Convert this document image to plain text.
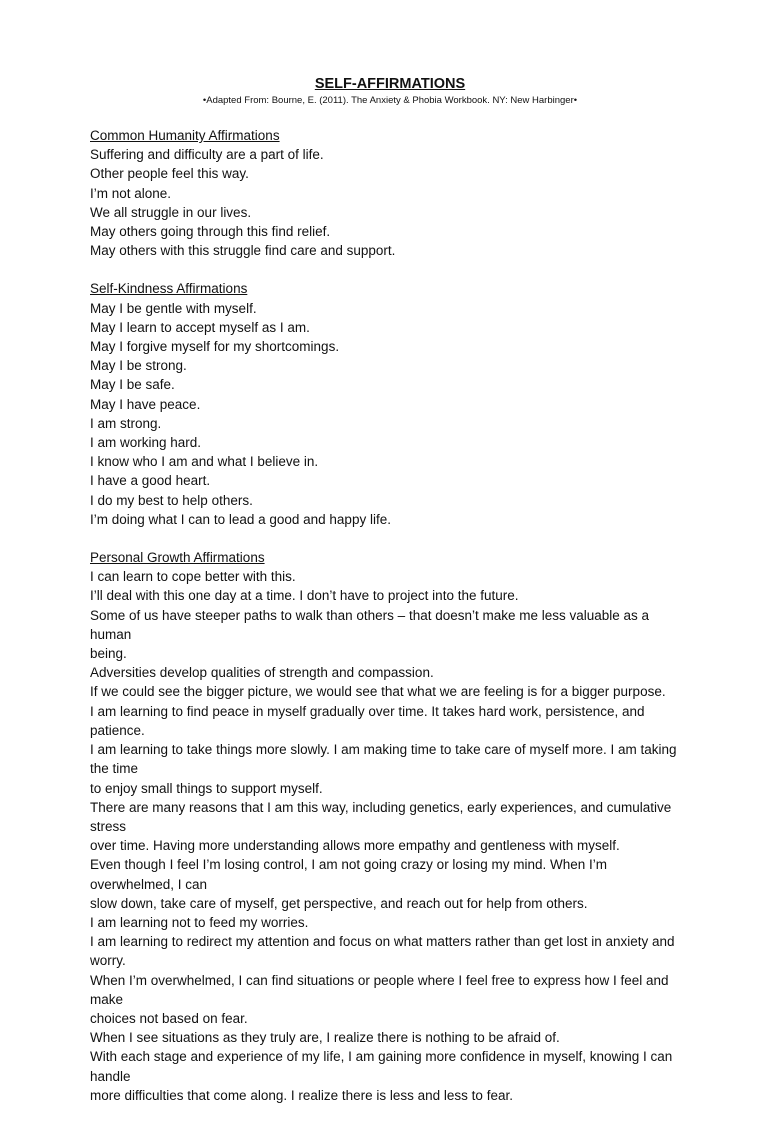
SELF-AFFIRMATIONS

•Adapted From: Bourne, E. (2011). The Anxiety & Phobia Workbook. NY: New Harbinger•

Common Humanity Affirmations

Suffering and difficulty are a part of life.

Other people feel this way.

I’m not alone.

We all struggle in our lives.

May others going through this find relief.

May others with this struggle find care and support.

Self-Kindness Affirmations

May I be gentle with myself.

May I learn to accept myself as I am.

May I forgive myself for my shortcomings.

May I be strong.

May I be safe.

May I have peace.

I am strong.

I am working hard.

I know who I am and what I believe in.

I have a good heart.

I do my best to help others.

I’m doing what I can to lead a good and happy life.

Personal Growth Affirmations

I can learn to cope better with this.

I’ll deal with this one day at a time. I don’t have to project into the future.

Some of us have steeper paths to walk than others – that doesn’t make me less valuable as a human

being.

Adversities develop qualities of strength and compassion.

If we could see the bigger picture, we would see that what we are feeling is for a bigger purpose.

I am learning to find peace in myself gradually over time. It takes hard work, persistence, and patience.

I am learning to take things more slowly. I am making time to take care of myself more. I am taking the time

to enjoy small things to support myself.

There are many reasons that I am this way, including genetics, early experiences, and cumulative stress

over time. Having more understanding allows more empathy and gentleness with myself.

Even though I feel I’m losing control, I am not going crazy or losing my mind. When I’m overwhelmed, I can

slow down, take care of myself, get perspective, and reach out for help from others.

I am learning not to feed my worries.

I am learning to redirect my attention and focus on what matters rather than get lost in anxiety and worry.

When I’m overwhelmed, I can find situations or people where I feel free to express how I feel and make

choices not based on fear.

When I see situations as they truly are, I realize there is nothing to be afraid of.

With each stage and experience of my life, I am gaining more confidence in myself, knowing I can handle

more difficulties that come along. I realize there is less and less to fear.
